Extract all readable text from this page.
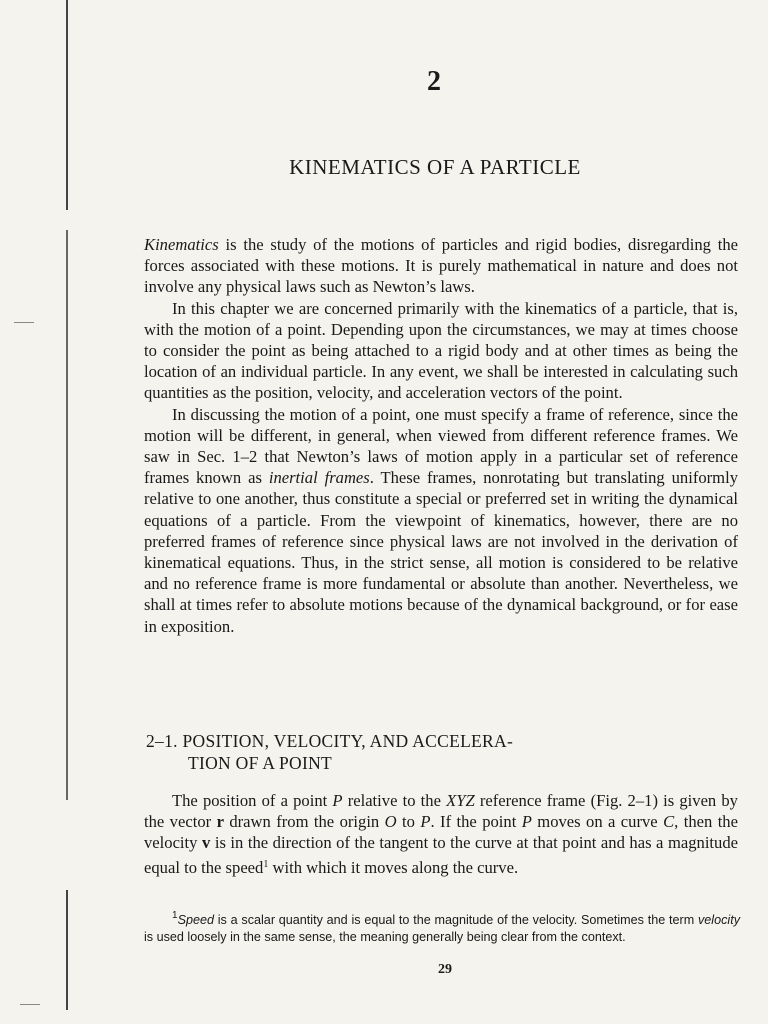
2
KINEMATICS OF A PARTICLE

Kinematics is the study of the motions of particles and rigid bodies, disregarding the forces associated with these motions. It is purely mathematical in nature and does not involve any physical laws such as Newton’s laws.

In this chapter we are concerned primarily with the kinematics of a particle, that is, with the motion of a point. Depending upon the circumstances, we may at times choose to consider the point as being attached to a rigid body and at other times as being the location of an individual particle. In any event, we shall be interested in calculating such quantities as the position, velocity, and acceleration vectors of the point.

In discussing the motion of a point, one must specify a frame of reference, since the motion will be different, in general, when viewed from different reference frames. We saw in Sec. 1–2 that Newton’s laws of motion apply in a particular set of reference frames known as inertial frames. These frames, nonrotating but translating uniformly relative to one another, thus constitute a special or preferred set in writing the dynamical equations of a particle. From the viewpoint of kinematics, however, there are no preferred frames of reference since physical laws are not involved in the derivation of kinematical equations. Thus, in the strict sense, all motion is considered to be relative and no reference frame is more fundamental or absolute than another. Nevertheless, we shall at times refer to absolute motions because of the dynamical background, or for ease in exposition.

2–1. POSITION, VELOCITY, AND ACCELERA-
TION OF A POINT

The position of a point P relative to the XYZ reference frame (Fig. 2–1) is given by the vector r drawn from the origin O to P. If the point P moves on a curve C, then the velocity v is in the direction of the tangent to the curve at that point and has a magnitude equal to the speed$^1$ with which it moves along the curve.

$^1$Speed is a scalar quantity and is equal to the magnitude of the velocity. Sometimes the term velocity is used loosely in the same sense, the meaning generally being clear from the context.
29
